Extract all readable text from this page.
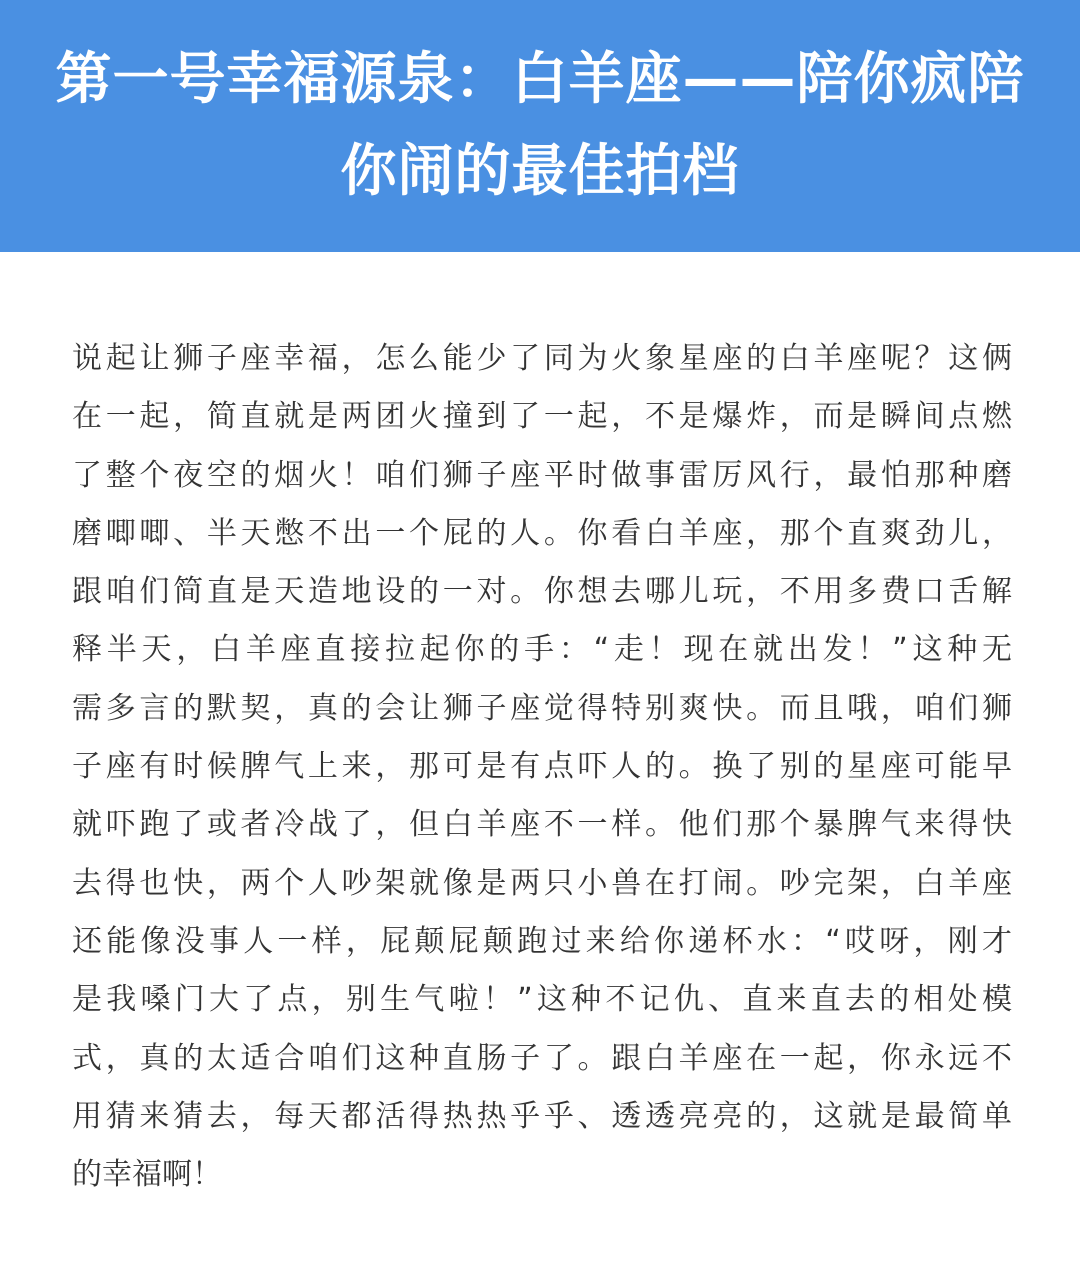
第一号幸福源泉：白羊座——陪你疯陪
你闹的最佳拍档
说起让狮子座幸福，怎么能少了同为火象星座的白羊座呢？这俩
在一起，简直就是两团火撞到了一起，不是爆炸，而是瞬间点燃
了整个夜空的烟火！咱们狮子座平时做事雷厉风行，最怕那种磨
磨唧唧、半天憋不出一个屁的人。你看白羊座，那个直爽劲儿，
跟咱们简直是天造地设的一对。你想去哪儿玩，不用多费口舌解
释半天，白羊座直接拉起你的手：“走！现在就出发！”这种无
需多言的默契，真的会让狮子座觉得特别爽快。而且哦，咱们狮
子座有时候脾气上来，那可是有点吓人的。换了别的星座可能早
就吓跑了或者冷战了，但白羊座不一样。他们那个暴脾气来得快
去得也快，两个人吵架就像是两只小兽在打闹。吵完架，白羊座
还能像没事人一样，屁颠屁颠跑过来给你递杯水：“哎呀，刚才
是我嗓门大了点，别生气啦！”这种不记仇、直来直去的相处模
式，真的太适合咱们这种直肠子了。跟白羊座在一起，你永远不
用猜来猜去，每天都活得热热乎乎、透透亮亮的，这就是最简单
的幸福啊！
